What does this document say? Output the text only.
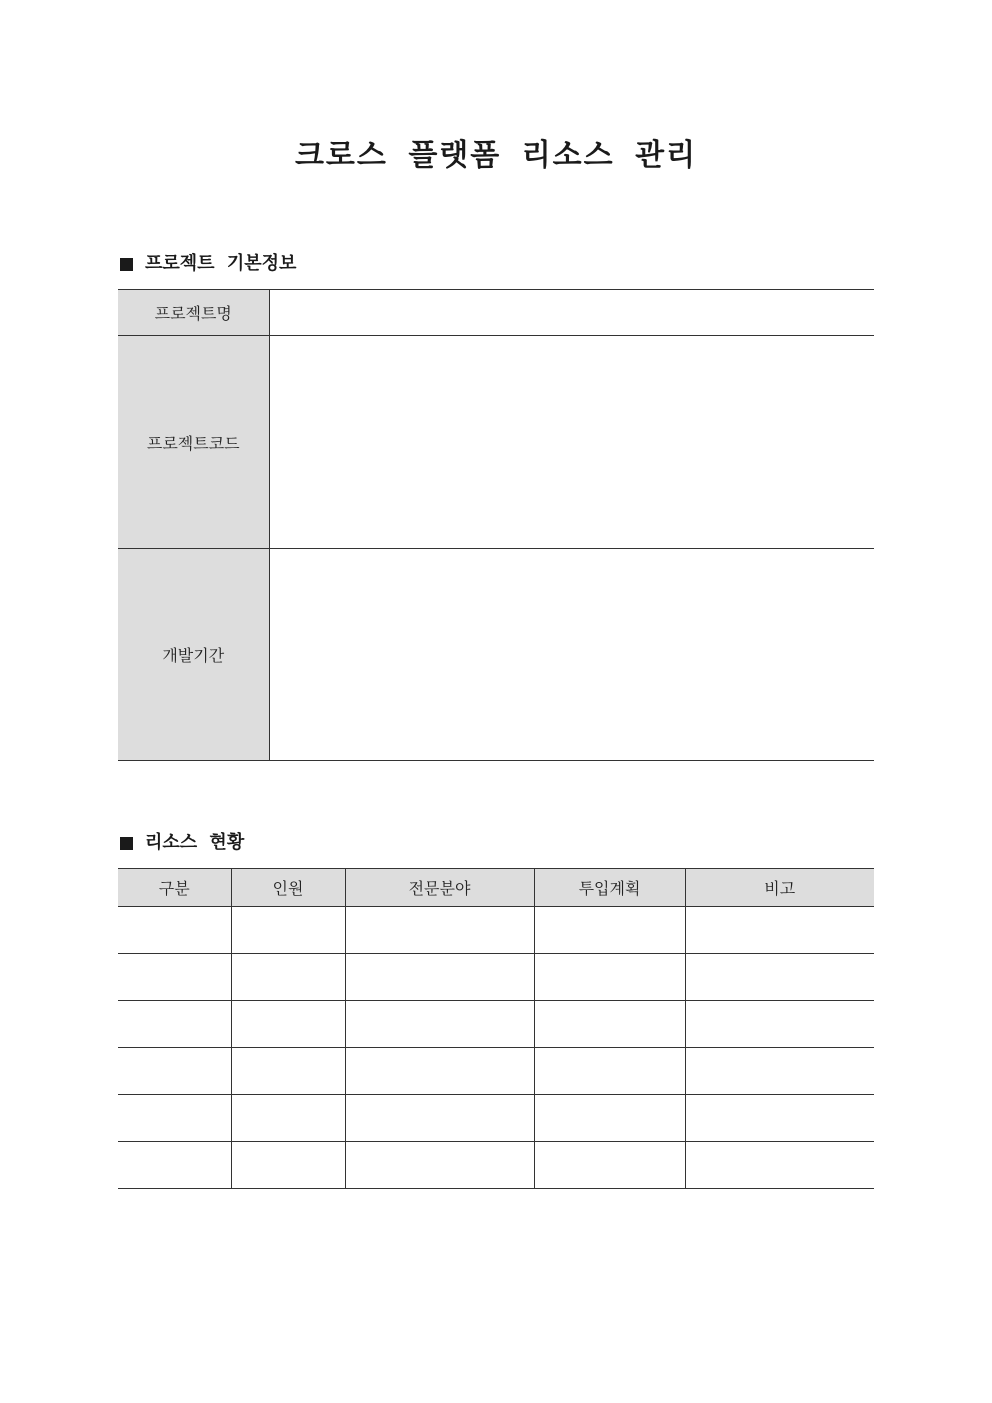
크로스 플랫폼 리소스 관리
프로젝트 기본정보
프로젝트명	
프로젝트코드	
개발기간	
리소스 현황
구분	인원	전문분야	투입계획	비고
